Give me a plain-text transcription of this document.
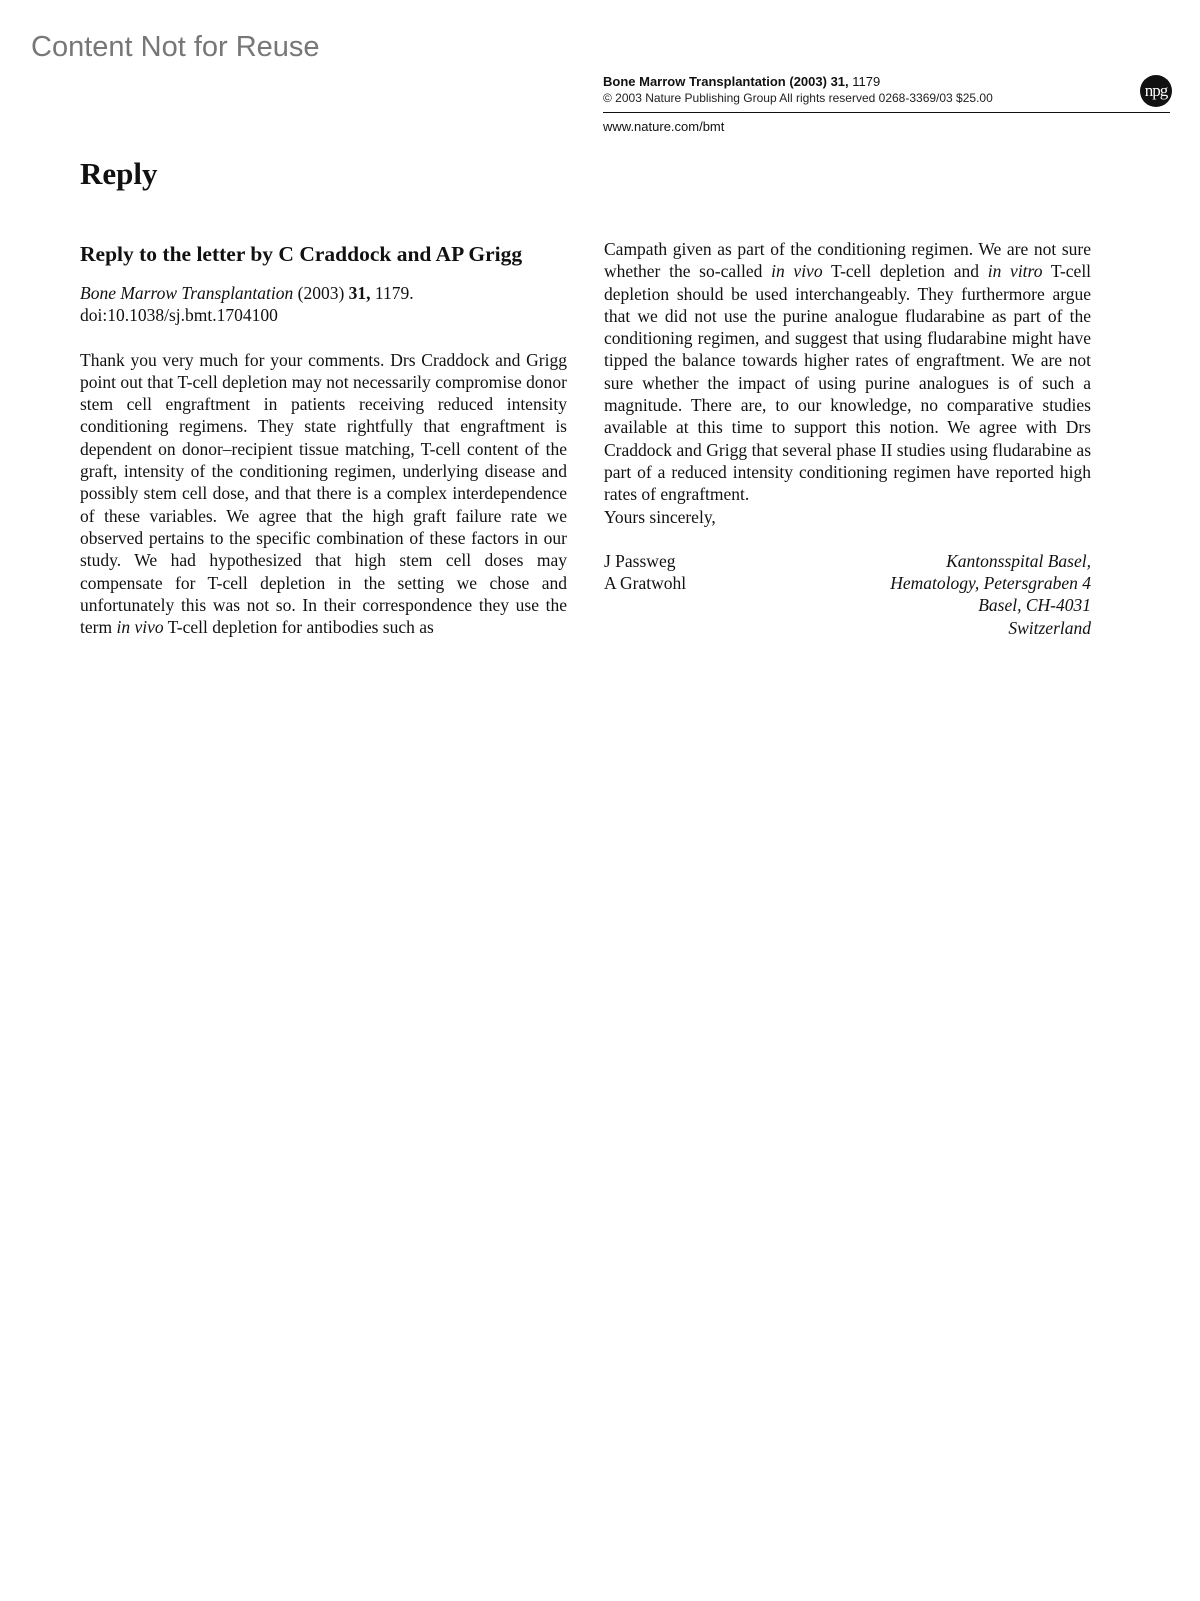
Content Not for Reuse
Bone Marrow Transplantation (2003) 31, 1179
© 2003 Nature Publishing Group All rights reserved 0268-3369/03 $25.00
www.nature.com/bmt
npg
Reply
Reply to the letter by C Craddock and AP Grigg
Bone Marrow Transplantation (2003) 31, 1179.
doi:10.1038/sj.bmt.1704100

Thank you very much for your comments. Drs Craddock and Grigg point out that T-cell depletion may not necessarily compromise donor stem cell engraftment in patients receiving reduced intensity conditioning regimens. They state rightfully that engraftment is dependent on donor–recipient tissue matching, T-cell content of the graft, intensity of the conditioning regimen, underlying disease and possibly stem cell dose, and that there is a complex interdependence of these variables. We agree that the high graft failure rate we observed pertains to the specific combination of these factors in our study. We had hypothesized that high stem cell doses may compensate for T-cell depletion in the setting we chose and unfortunately this was not so. In their correspondence they use the term in vivo T-cell depletion for antibodies such as

Campath given as part of the conditioning regimen. We are not sure whether the so-called in vivo T-cell depletion and in vitro T-cell depletion should be used interchangeably. They furthermore argue that we did not use the purine analogue fludarabine as part of the conditioning regimen, and suggest that using fludarabine might have tipped the balance towards higher rates of engraftment. We are not sure whether the impact of using purine analogues is of such a magnitude. There are, to our knowledge, no comparative studies available at this time to support this notion. We agree with Drs Craddock and Grigg that several phase II studies using fludarabine as part of a reduced intensity conditioning regimen have reported high rates of engraftment.

Yours sincerely,
J Passweg
A Gratwohl
Kantonsspital Basel,
Hematology, Petersgraben 4
Basel, CH-4031
Switzerland
